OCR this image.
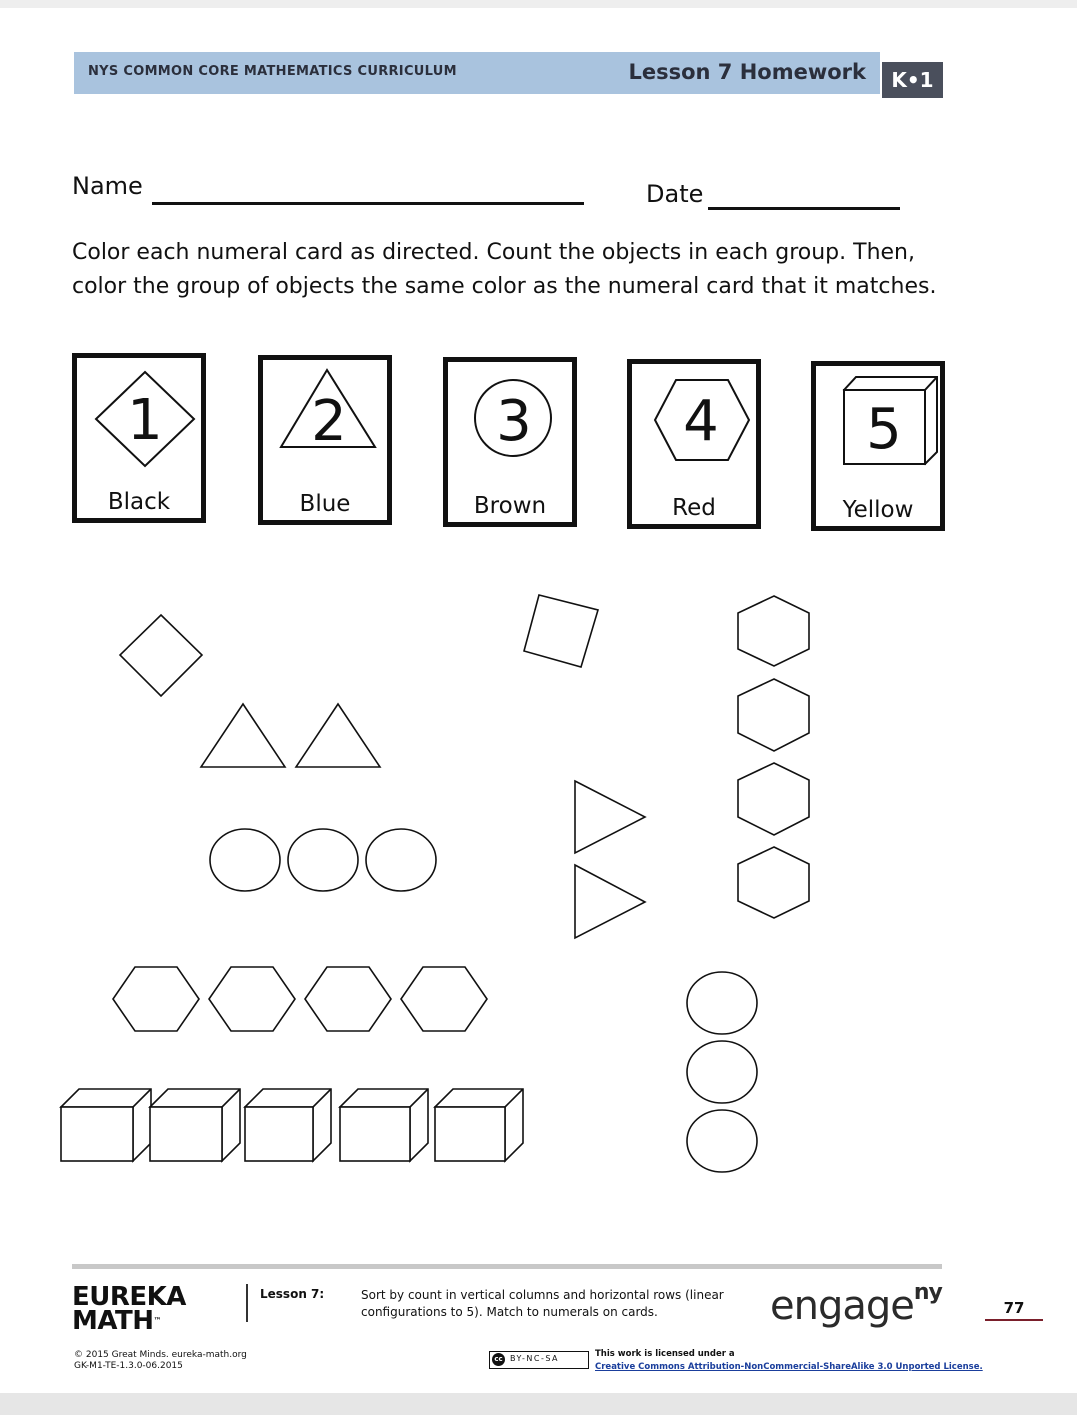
NYS COMMON CORE MATHEMATICS CURRICULUM	Lesson 7 Homework	K•1
Name	Date
Color each numeral card as directed. Count the objects in each group. Then, color the group of objects the same color as the numeral card that it matches.
1
Black
2
Blue
3
Brown
4
Red
5
Yellow
EUREKA
MATH™
Lesson 7:	Sort by count in vertical columns and horizontal rows (linear configurations to 5). Match to numerals on cards.	engage$^{ny}$
77
© 2015 Great Minds. eureka-math.org
GK-M1-TE-1.3.0-06.2015
cc BY-NC-SA	This work is licensed under a
Creative Commons Attribution-NonCommercial-ShareAlike 3.0 Unported License.
